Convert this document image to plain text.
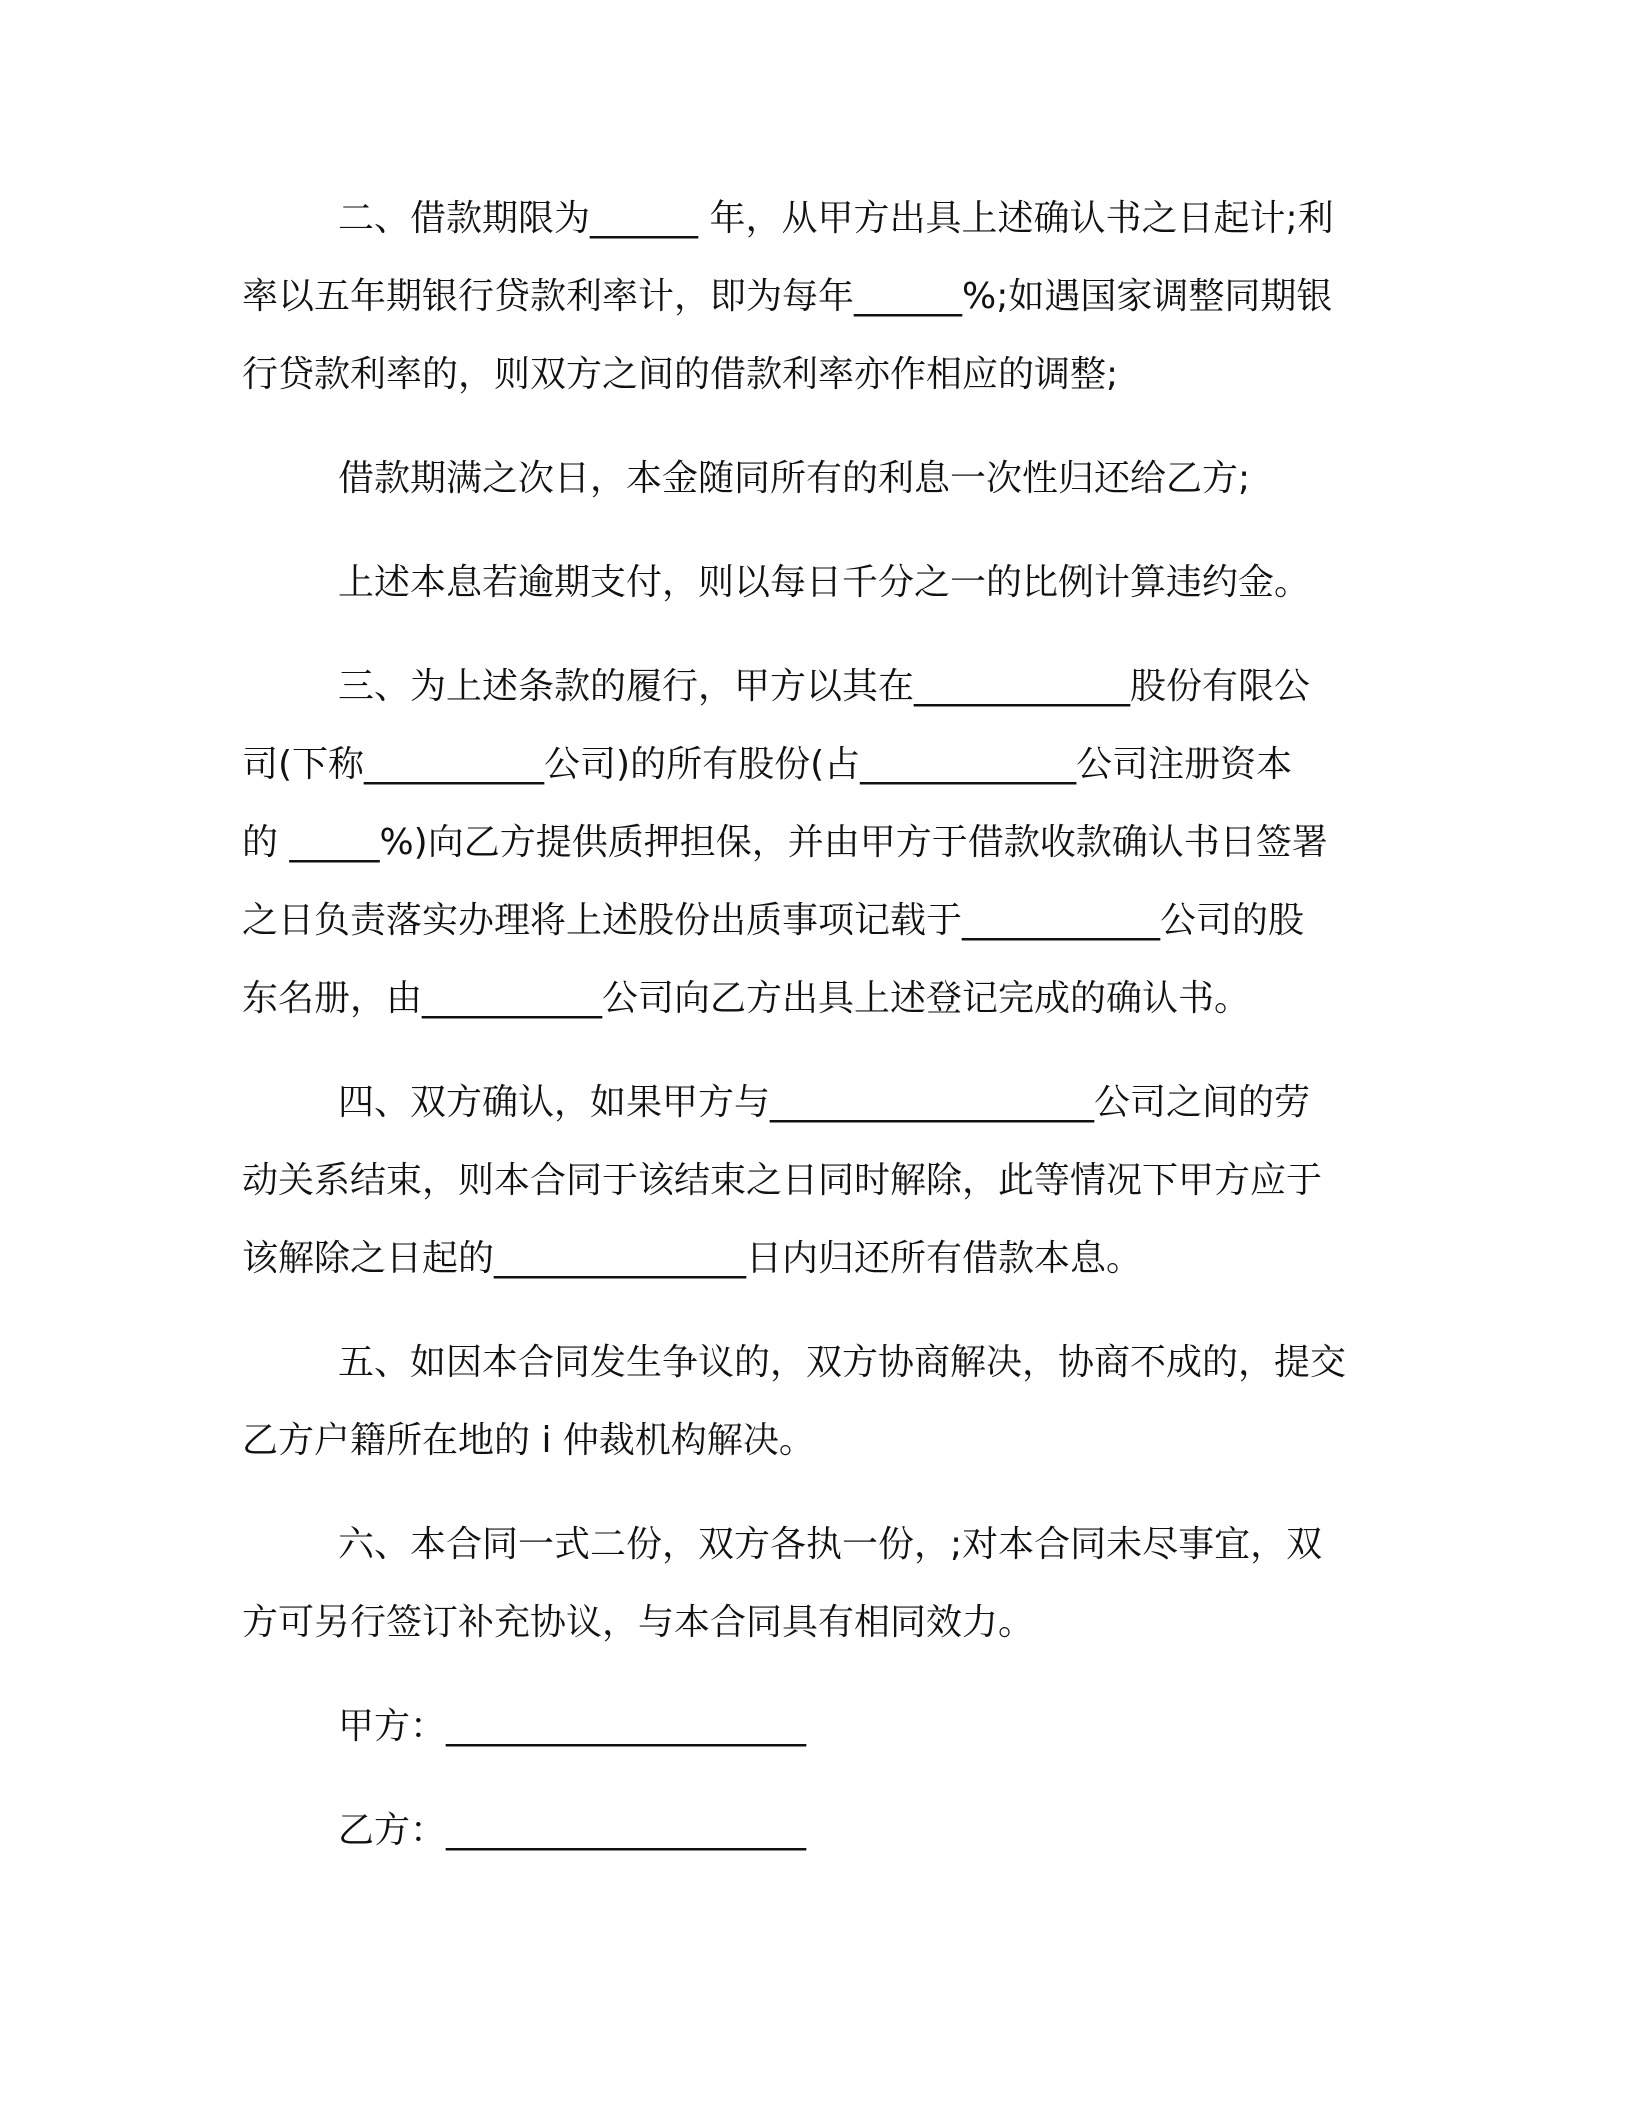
二、借款期限为______ 年，从甲方出具上述确认书之日起计;利
率以五年期银行贷款利率计，即为每年______%;如遇国家调整同期银
行贷款利率的，则双方之间的借款利率亦作相应的调整;
借款期满之次日，本金随同所有的利息一次性归还给乙方;
上述本息若逾期支付，则以每日千分之一的比例计算违约金。
三、为上述条款的履行，甲方以其在____________股份有限公
司(下称__________公司)的所有股份(占____________公司注册资本
的 _____%)向乙方提供质押担保，并由甲方于借款收款确认书日签署
之日负责落实办理将上述股份出质事项记载于___________公司的股
东名册，由__________公司向乙方出具上述登记完成的确认书。
四、双方确认，如果甲方与__________________公司之间的劳
动关系结束，则本合同于该结束之日同时解除，此等情况下甲方应于
该解除之日起的______________日内归还所有借款本息。
五、如因本合同发生争议的，双方协商解决，协商不成的，提交
乙方户籍所在地的 i 仲裁机构解决。
六、本合同一式二份，双方各执一份，;对本合同未尽事宜，双
方可另行签订补充协议，与本合同具有相同效力。
甲方：____________________
乙方：____________________
